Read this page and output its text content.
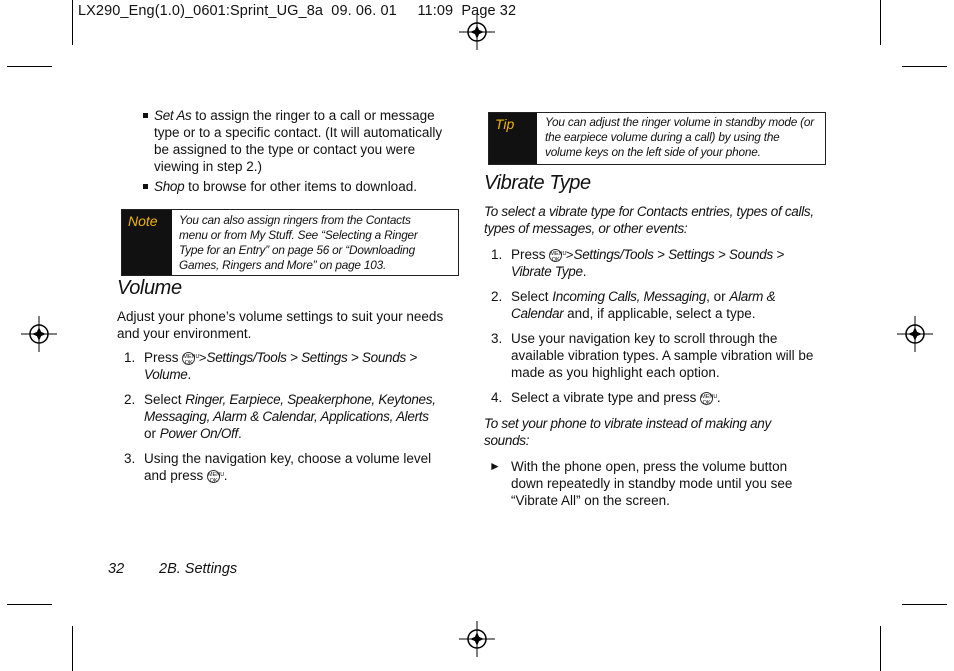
LX290_Eng(1.0)_0601:Sprint_UG_8a  09. 06. 01     11:09  Page 32
Set As to assign the ringer to a call or message type or to a specific contact. (It will automatically be assigned to the type or contact you were viewing in step 2.)
Shop to browse for other items to download.
Note	You can also assign ringers from the Contacts menu or from My Stuff. See “Selecting a Ringer Type for an Entry” on page 56 or “Downloading Games, Ringers and More” on page 103.
Volume
Adjust your phone’s volume settings to suit your needs and your environment.
1. Press MENU
OK >Settings/Tools > Settings > Sounds > Volume.
2. Select Ringer, Earpiece, Speakerphone, Keytones, Messaging, Alarm & Calendar, Applications, Alerts or Power On/Off.
3. Using the navigation key, choose a volume level and press MENU
OK .
Tip	You can adjust the ringer volume in standby mode (or the earpiece volume during a call) by using the volume keys on the left side of your phone.
Vibrate Type
To select a vibrate type for Contacts entries, types of calls, types of messages, or other events:
1. Press MENU
OK >Settings/Tools > Settings > Sounds > Vibrate Type.
2. Select Incoming Calls, Messaging, or Alarm & Calendar and, if applicable, select a type.
3. Use your navigation key to scroll through the available vibration types. A sample vibration will be made as you highlight each option.
4. Select a vibrate type and press MENU
OK .
To set your phone to vibrate instead of making any sounds:
► With the phone open, press the volume button down repeatedly in standby mode until you see “Vibrate All” on the screen.
32 2B. Settings
